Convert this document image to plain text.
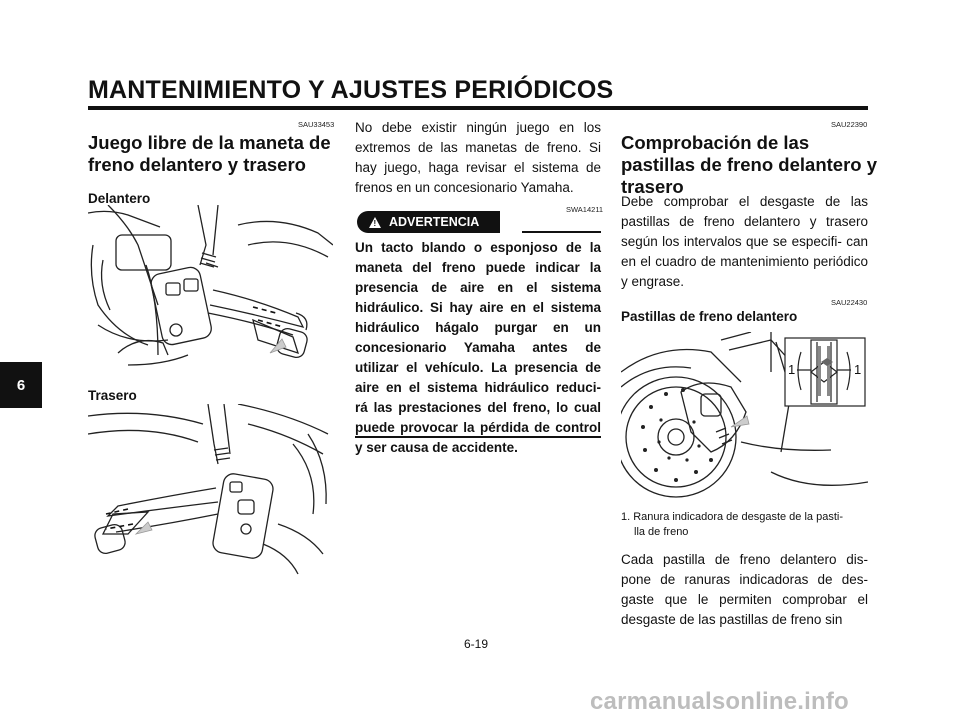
MANTENIMIENTO Y AJUSTES PERIÓDICOS
6
SAU33453
Juego libre de la maneta de
freno delantero y trasero
Delantero
Trasero
No debe existir ningún juego en los extremos de las manetas de freno. Si hay juego, haga revisar el sistema de frenos en un concesionario Yamaha.
SWA14211
! ADVERTENCIA
Un tacto blando o esponjoso de la maneta del freno puede indicar la presencia de aire en el sistema hidráulico. Si hay aire en el sistema hidráulico hágalo purgar en un concesionario Yamaha antes de utilizar el vehículo. La presencia de aire en el sistema hidráulico reduci- rá las prestaciones del freno, lo cual puede provocar la pérdida de control y ser causa de accidente.
SAU22390
Comprobación de las
pastillas de freno delantero y
trasero
Debe comprobar el desgaste de las pastillas de freno delantero y trasero según los intervalos que se especifi- can en el cuadro de mantenimiento periódico y engrase.
SAU22430
Pastillas de freno delantero
1	1
1. Ranura indicadora de desgaste de la pasti-
lla de freno
Cada pastilla de freno delantero dis- pone de ranuras indicadoras de des- gaste que le permiten comprobar el desgaste de las pastillas de freno sin
6-19
carmanualsonline.info
